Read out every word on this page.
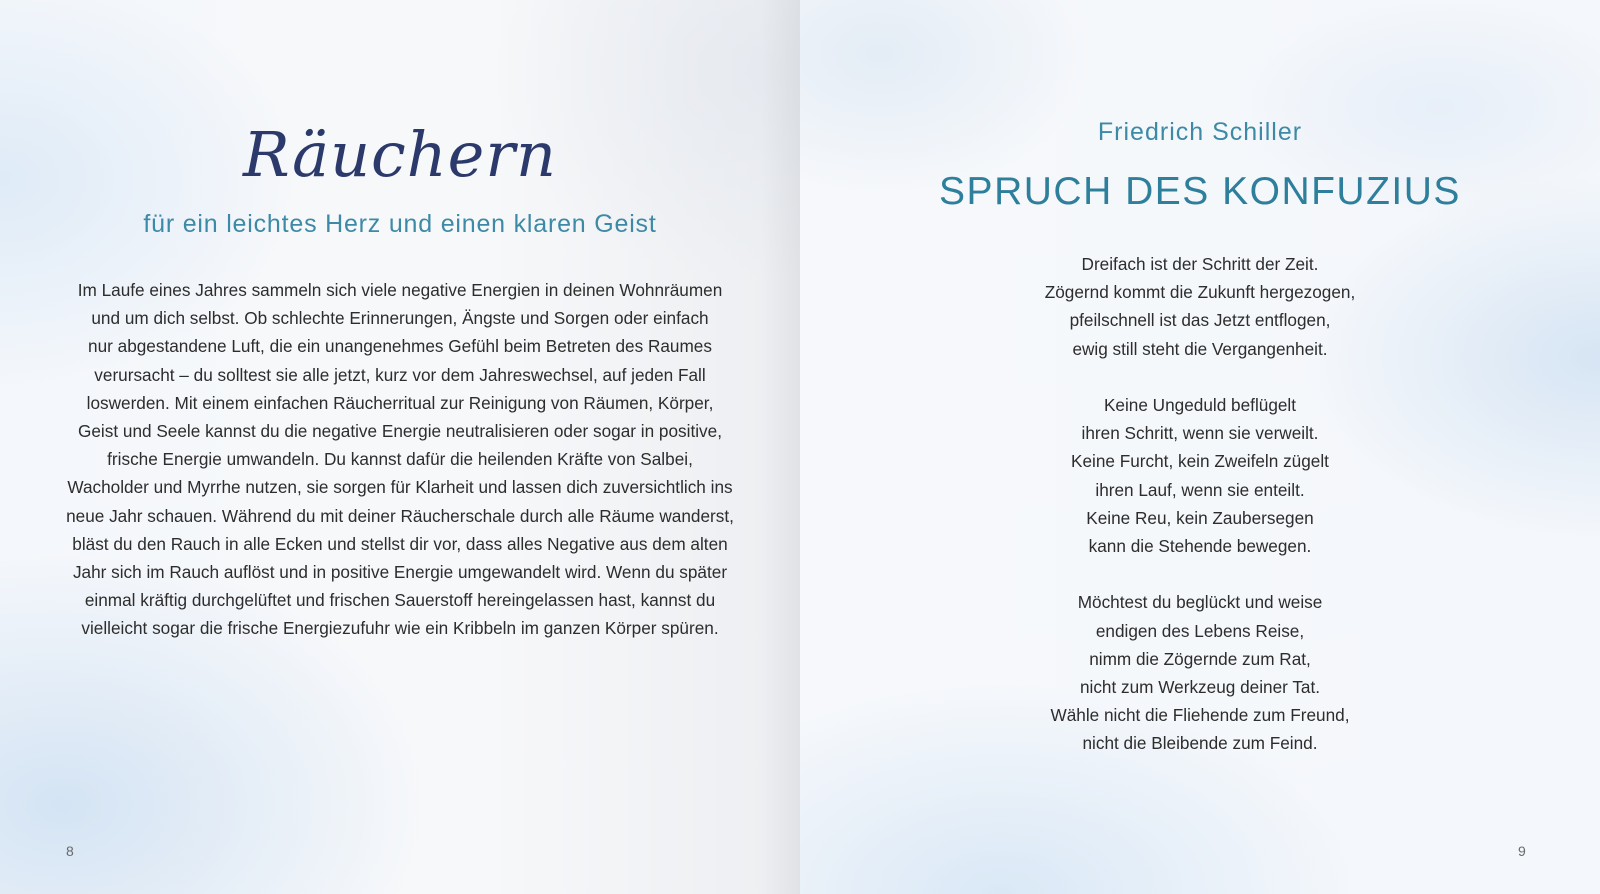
Räuchern
für ein leichtes Herz und einen klaren Geist
Im Laufe eines Jahres sammeln sich viele negative Energien in deinen Wohnräumen
und um dich selbst. Ob schlechte Erinnerungen, Ängste und Sorgen oder einfach
nur abgestandene Luft, die ein unangenehmes Gefühl beim Betreten des Raumes
verursacht – du solltest sie alle jetzt, kurz vor dem Jahreswechsel, auf jeden Fall
loswerden. Mit einem einfachen Räucherritual zur Reinigung von Räumen, Körper,
Geist und Seele kannst du die negative Energie neutralisieren oder sogar in positive,
frische Energie umwandeln. Du kannst dafür die heilenden Kräfte von Salbei,
Wacholder und Myrrhe nutzen, sie sorgen für Klarheit und lassen dich zuversichtlich ins
neue Jahr schauen. Während du mit deiner Räucherschale durch alle Räume wanderst,
bläst du den Rauch in alle Ecken und stellst dir vor, dass alles Negative aus dem alten
Jahr sich im Rauch auflöst und in positive Energie umgewandelt wird. Wenn du später
einmal kräftig durchgelüftet und frischen Sauerstoff hereingelassen hast, kannst du
vielleicht sogar die frische Energiezufuhr wie ein Kribbeln im ganzen Körper spüren.
8
Friedrich Schiller
SPRUCH DES KONFUZIUS
Dreifach ist der Schritt der Zeit.
Zögernd kommt die Zukunft hergezogen,
pfeilschnell ist das Jetzt entflogen,
ewig still steht die Vergangenheit.
Keine Ungeduld beflügelt
ihren Schritt, wenn sie verweilt.
Keine Furcht, kein Zweifeln zügelt
ihren Lauf, wenn sie enteilt.
Keine Reu, kein Zaubersegen
kann die Stehende bewegen.
Möchtest du beglückt und weise
endigen des Lebens Reise,
nimm die Zögernde zum Rat,
nicht zum Werkzeug deiner Tat.
Wähle nicht die Fliehende zum Freund,
nicht die Bleibende zum Feind.
9
